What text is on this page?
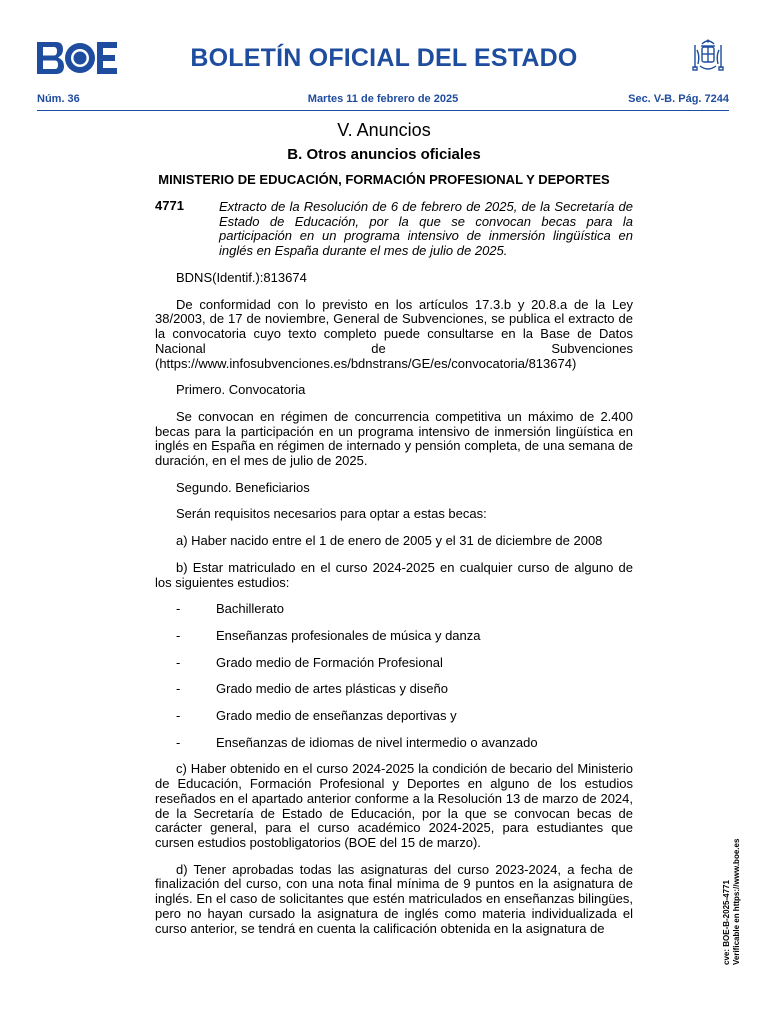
BOLETÍN OFICIAL DEL ESTADO
Núm. 36	Martes 11 de febrero de 2025	Sec. V-B. Pág. 7244
V. Anuncios
B. Otros anuncios oficiales
MINISTERIO DE EDUCACIÓN, FORMACIÓN PROFESIONAL Y DEPORTES
4771	Extracto de la Resolución de 6 de febrero de 2025, de la Secretaría de Estado de Educación, por la que se convocan becas para la participación en un programa intensivo de inmersión lingüística en inglés en España durante el mes de julio de 2025.

BDNS(Identif.):813674

De conformidad con lo previsto en los artículos 17.3.b y 20.8.a de la Ley 38/2003, de 17 de noviembre, General de Subvenciones, se publica el extracto de la convocatoria cuyo texto completo puede consultarse en la Base de Datos Nacional de Subvenciones (https://www.infosubvenciones.es/bdnstrans/GE/es/convocatoria/813674)

Primero. Convocatoria

Se convocan en régimen de concurrencia competitiva un máximo de 2.400 becas para la participación en un programa intensivo de inmersión lingüística en inglés en España en régimen de internado y pensión completa, de una semana de duración, en el mes de julio de 2025.

Segundo. Beneficiarios

Serán requisitos necesarios para optar a estas becas:

a) Haber nacido entre el 1 de enero de 2005 y el 31 de diciembre de 2008

b) Estar matriculado en el curso 2024-2025 en cualquier curso de alguno de los siguientes estudios:

-	Bachillerato

-	Enseñanzas profesionales de música y danza

-	Grado medio de Formación Profesional

-	Grado medio de artes plásticas y diseño

-	Grado medio de enseñanzas deportivas y

-	Enseñanzas de idiomas de nivel intermedio o avanzado

c) Haber obtenido en el curso 2024-2025 la condición de becario del Ministerio de Educación, Formación Profesional y Deportes en alguno de los estudios reseñados en el apartado anterior conforme a la Resolución 13 de marzo de 2024, de la Secretaría de Estado de Educación, por la que se convocan becas de carácter general, para el curso académico 2024-2025, para estudiantes que cursen estudios postobligatorios (BOE del 15 de marzo).

d) Tener aprobadas todas las asignaturas del curso 2023-2024, a fecha de finalización del curso, con una nota final mínima de 9 puntos en la asignatura de inglés. En el caso de solicitantes que estén matriculados en enseñanzas bilingües, pero no hayan cursado la asignatura de inglés como materia individualizada el curso anterior, se tendrá en cuenta la calificación obtenida en la asignatura de	cve: BOE-B-2025-4771 Verificable en https://www.boe.es
